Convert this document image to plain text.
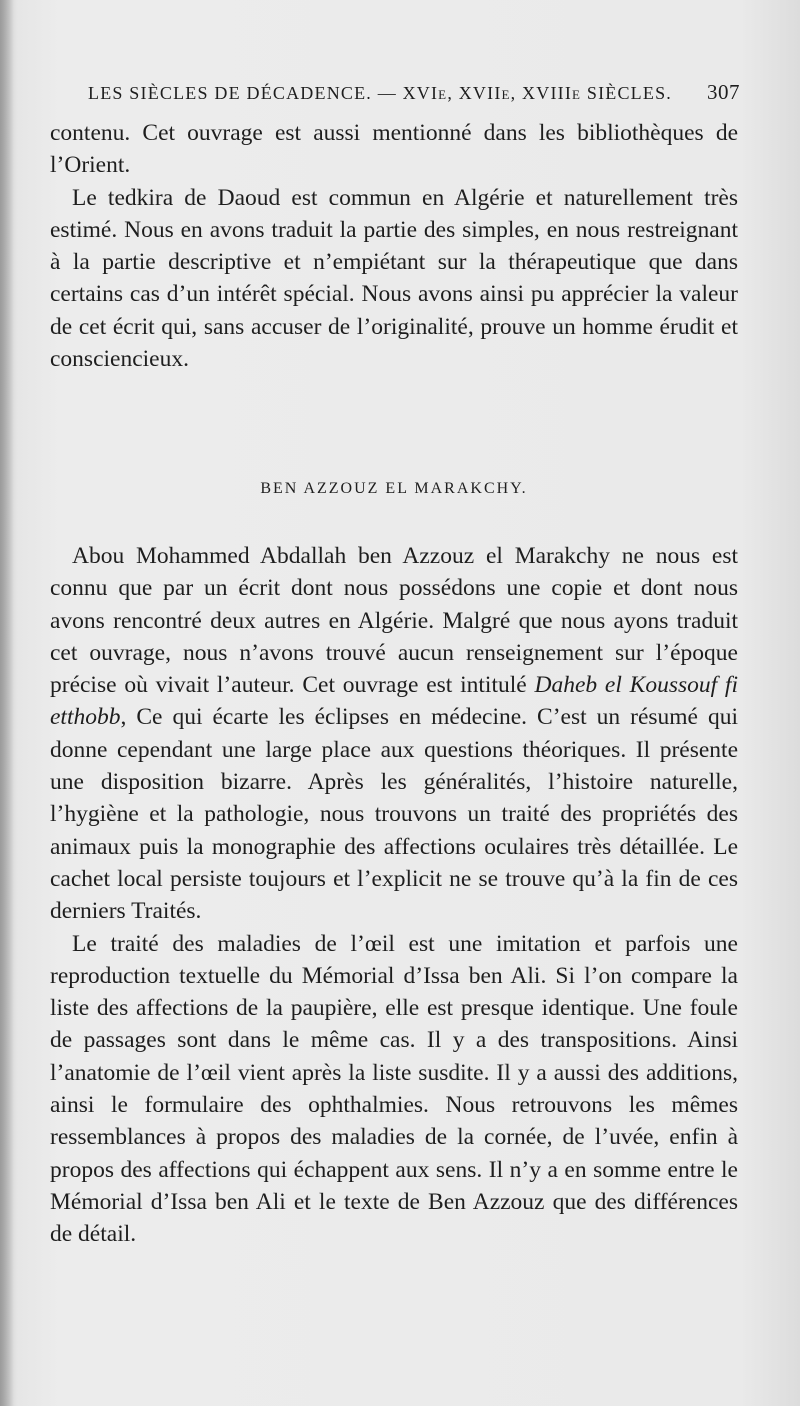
LES SIÈCLES DE DÉCADENCE. — XVIe, XVIIe, XVIIIe SIÈCLES. 307

contenu. Cet ouvrage est aussi mentionné dans les bibliothèques de l’Orient.

Le tedkira de Daoud est commun en Algérie et naturellement très estimé. Nous en avons traduit la partie des simples, en nous restreignant à la partie descriptive et n’empiétant sur la thérapeutique que dans certains cas d’un intérêt spécial. Nous avons ainsi pu apprécier la valeur de cet écrit qui, sans accuser de l’originalité, prouve un homme érudit et consciencieux.

BEN AZZOUZ EL MARAKCHY.

Abou Mohammed Abdallah ben Azzouz el Marakchy ne nous est connu que par un écrit dont nous possédons une copie et dont nous avons rencontré deux autres en Algérie. Malgré que nous ayons traduit cet ouvrage, nous n’avons trouvé aucun renseignement sur l’époque précise où vivait l’auteur. Cet ouvrage est intitulé Daheb el Koussouf fi etthobb, Ce qui écarte les éclipses en médecine. C’est un résumé qui donne cependant une large place aux questions théoriques. Il présente une disposition bizarre. Après les généralités, l’histoire naturelle, l’hygiène et la pathologie, nous trouvons un traité des propriétés des animaux puis la monographie des affections oculaires très détaillée. Le cachet local persiste toujours et l’explicit ne se trouve qu’à la fin de ces derniers Traités.

Le traité des maladies de l’œil est une imitation et parfois une reproduction textuelle du Mémorial d’Issa ben Ali. Si l’on compare la liste des affections de la paupière, elle est presque identique. Une foule de passages sont dans le même cas. Il y a des transpositions. Ainsi l’anatomie de l’œil vient après la liste susdite. Il y a aussi des additions, ainsi le formulaire des ophthalmies. Nous retrouvons les mêmes ressemblances à propos des maladies de la cornée, de l’uvée, enfin à propos des affections qui échappent aux sens. Il n’y a en somme entre le Mémorial d’Issa ben Ali et le texte de Ben Azzouz que des différences de détail.
